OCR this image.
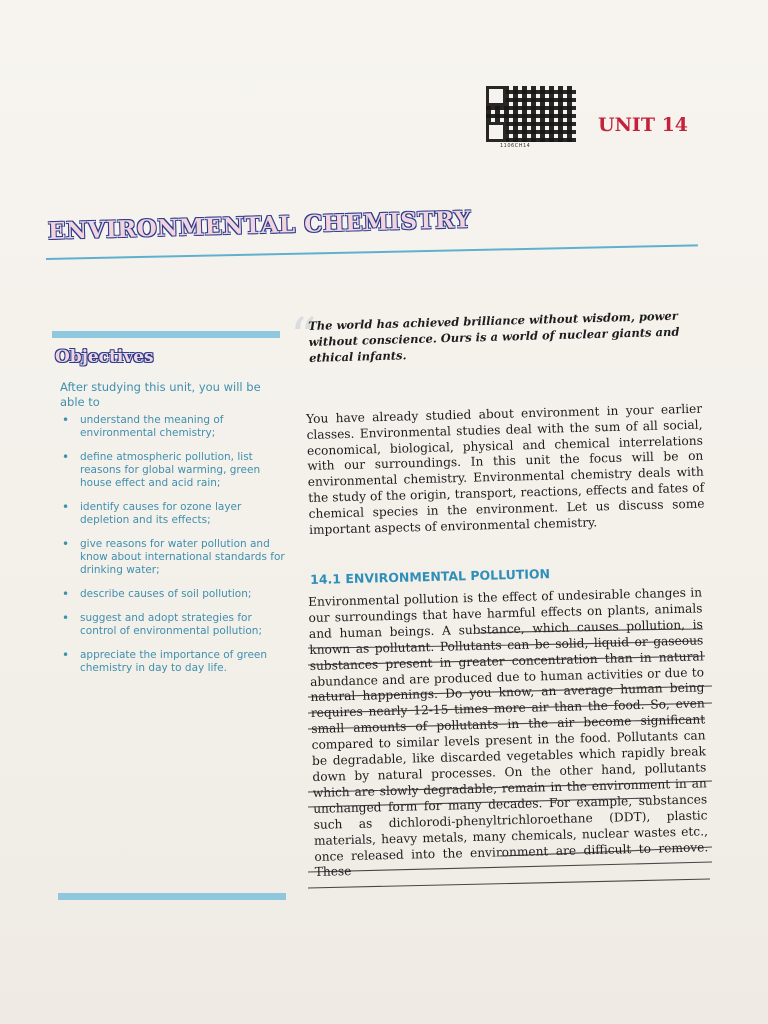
1106CH14
UNIT 14
ENVIRONMENTAL CHEMISTRY
Objectives
After studying this unit, you will be able to
• understand the meaning of environmental chemistry;
• define atmospheric pollution, list reasons for global warming, green house effect and acid rain;
• identify causes for ozone layer depletion and its effects;
• give reasons for water pollution and know about international standards for drinking water;
• describe causes of soil pollution;
• suggest and adopt strategies for control of environmental pollution;
• appreciate the importance of green chemistry in day to day life.
“
The world has achieved brilliance without wisdom, power without conscience. Ours is a world of nuclear giants and ethical infants.
You have already studied about environment in your earlier classes. Environmental studies deal with the sum of all social, economical, biological, physical and chemical interrelations with our surroundings. In this unit the focus will be on environmental chemistry. Environmental chemistry deals with the study of the origin, transport, reactions, effects and fates of chemical species in the environment. Let us discuss some important aspects of environmental chemistry.
14.1 ENVIRONMENTAL POLLUTION

Environmental pollution is the effect of undesirable changes in our surroundings that have harmful effects on plants, animals and human beings. A substance, which causes pollution, is known as pollutant. Pollutants can be solid, liquid or gaseous substances present in greater concentration than in natural abundance and are produced due to human activities or due to natural happenings. Do you know, an average human being requires nearly 12-15 times more air than the food. So, even small amounts of pollutants in the air become significant compared to similar levels present in the food. Pollutants can be degradable, like discarded vegetables which rapidly break down by natural processes. On the other hand, pollutants which are slowly degradable, remain in the environment in an unchanged form for many decades. For example, substances such as dichlorodi-phenyltrichloroethane (DDT), plastic materials, heavy metals, many chemicals, nuclear wastes etc., once released into the environment are difficult to remove. These
